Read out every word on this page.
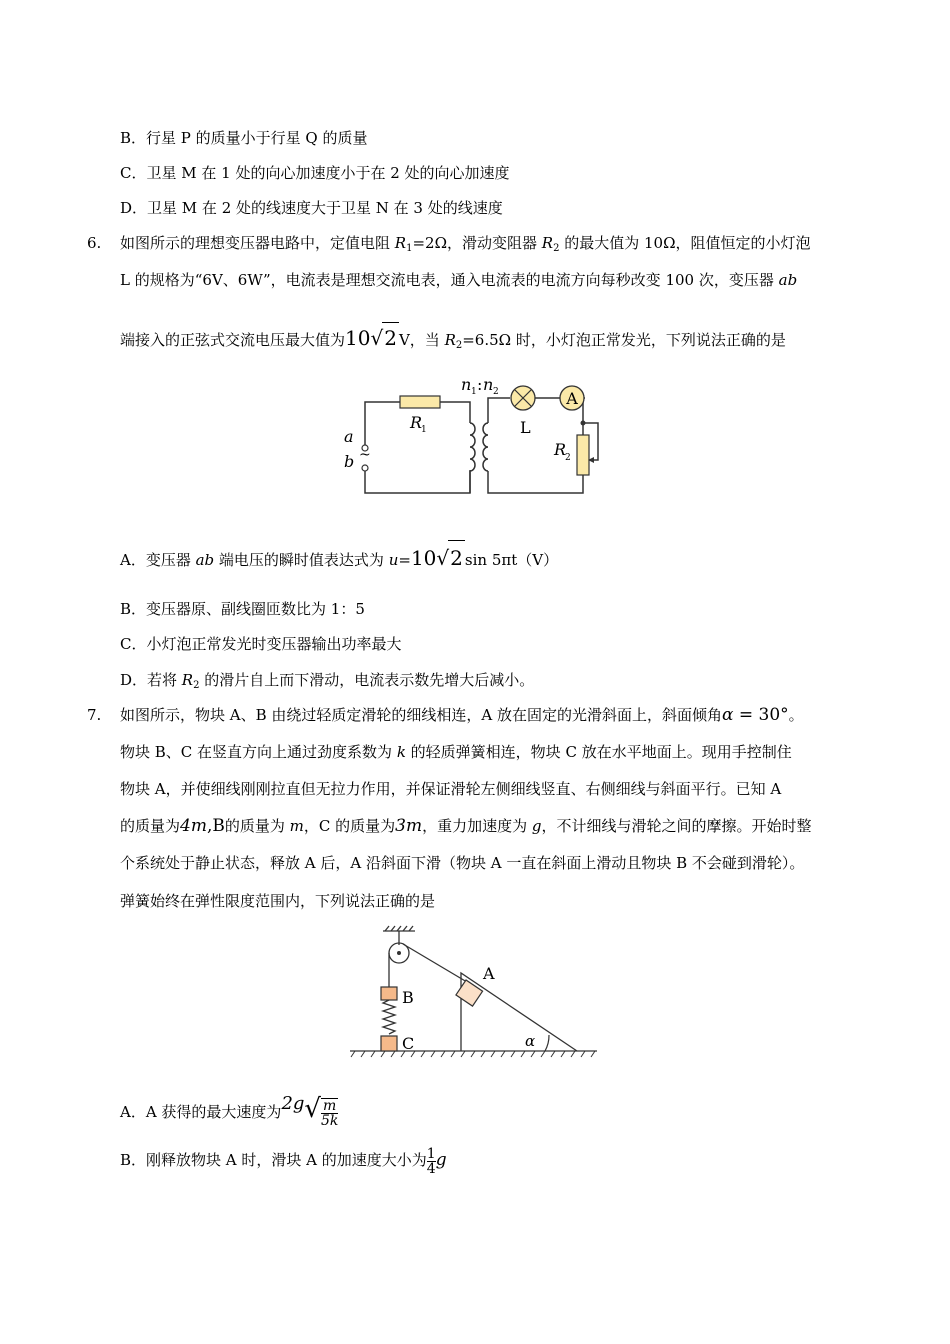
B．行星 P 的质量小于行星 Q 的质量
C．卫星 M 在 1 处的向心加速度小于在 2 处的向心加速度
D．卫星 M 在 2 处的线速度大于卫星 N 在 3 处的线速度
6. 如图所示的理想变压器电路中，定值电阻 $R_1=2\Omega$，滑动变阻器 $R_2$ 的最大值为 10Ω，阻值恒定的小灯泡
L 的规格为“6V、6W”，电流表是理想交流电表，通入电流表的电流方向每秒改变 100 次，变压器 ab
端接入的正弦式交流电压最大值为10√2 V，当 $R_2=6.5\Omega$ 时，小灯泡正常发光，下列说法正确的是
A
n 1 : n 2
R
1
a
b ~
L
R
2
A．变压器 ab 端电压的瞬时值表达式为 u=10√2 sin 5πt（V）
B．变压器原、副线圈匝数比为 1：5
C．小灯泡正常发光时变压器输出功率最大
D．若将 $R_2$ 的滑片自上而下滑动，电流表示数先增大后减小。
7. 如图所示，物块 A、B 由绕过轻质定滑轮的细线相连，A 放在固定的光滑斜面上，斜面倾角α = 30°。
物块 B、C 在竖直方向上通过劲度系数为 k 的轻质弹簧相连，物块 C 放在水平地面上。现用手控制住
物块 A，并使细线刚刚拉直但无拉力作用，并保证滑轮左侧细线竖直、右侧细线与斜面平行。已知 A
的质量为4m,B的质量为 m，C 的质量为3m，重力加速度为 g，不计细线与滑轮之间的摩擦。开始时整
个系统处于静止状态，释放 A 后，A 沿斜面下滑（物块 A 一直在斜面上滑动且物块 B 不会碰到滑轮）。
弹簧始终在弹性限度范围内，下列说法正确的是
A
B
C	α
A．A 获得的最大速度为$2g√ \frac{m}{5k}$
B．刚释放物块 A 时，滑块 A 的加速度大小为 $\frac{1}{4}$ g
